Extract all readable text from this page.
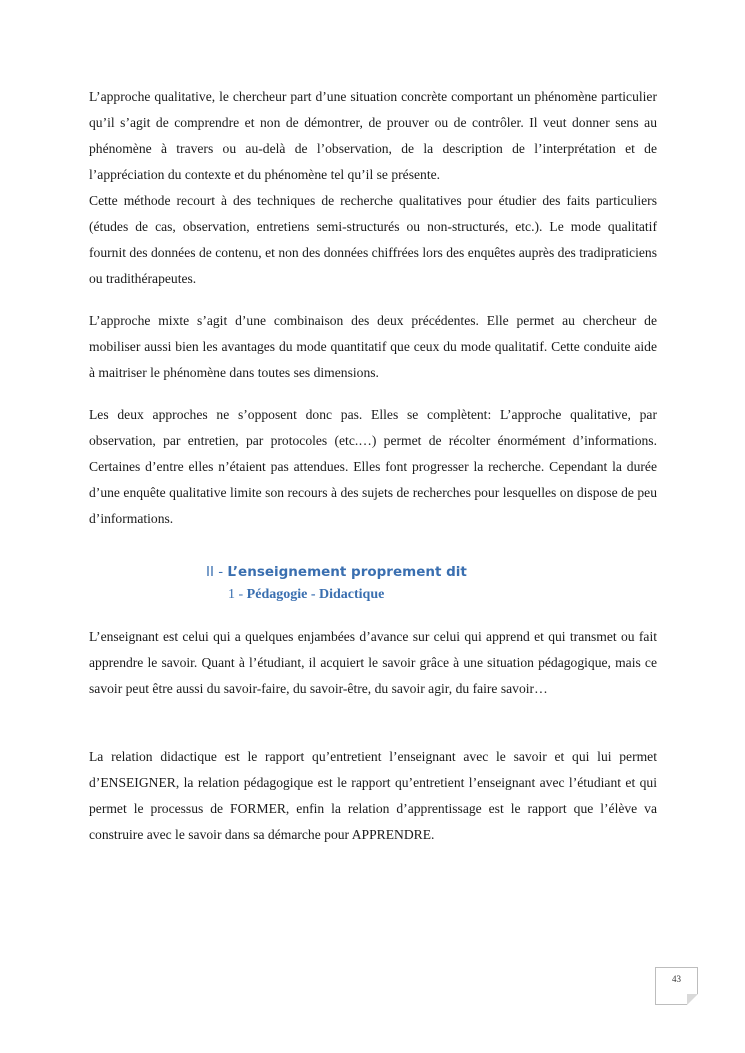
L’approche qualitative, le chercheur part d’une situation concrète comportant un phénomène particulier qu’il s’agit de comprendre et non de démontrer, de prouver ou de contrôler. Il veut donner sens au phénomène à travers ou au-delà de l’observation, de la description de l’interprétation et de l’appréciation du contexte et du phénomène tel qu’il se présente.

Cette méthode recourt à des techniques de recherche qualitatives pour étudier des faits particuliers (études de cas, observation, entretiens semi-structurés ou non-structurés, etc.). Le mode qualitatif fournit des données de contenu, et non des données chiffrées lors des enquêtes auprès des tradipraticiens ou tradithérapeutes.

L’approche mixte s’agit d’une combinaison des deux précédentes. Elle permet au chercheur de mobiliser aussi bien les avantages du mode quantitatif que ceux du mode qualitatif. Cette conduite aide à maitriser le phénomène dans toutes ses dimensions.

Les deux approches ne s’opposent donc pas. Elles se complètent: L’approche qualitative, par observation, par entretien, par protocoles (etc.…) permet de récolter énormément d’informations. Certaines d’entre elles n’étaient pas attendues. Elles font progresser la recherche. Cependant la durée d’une enquête qualitative limite son recours à des sujets de recherches pour lesquelles on dispose de peu d’informations.

II - L’enseignement proprement dit
1 - Pédagogie - Didactique

L’enseignant est celui qui a quelques enjambées d’avance sur celui qui apprend et qui transmet ou fait apprendre le savoir. Quant à l’étudiant, il acquiert le savoir grâce à une situation pédagogique, mais ce savoir peut être aussi du savoir-faire, du savoir-être, du savoir agir, du faire savoir…

La relation didactique est le rapport qu’entretient l’enseignant avec le savoir et qui lui permet d’ENSEIGNER, la relation pédagogique est le rapport qu’entretient l’enseignant avec l’étudiant et qui permet le processus de FORMER, enfin la relation d’apprentissage est le rapport que l’élève va construire avec le savoir dans sa démarche pour APPRENDRE.

43
